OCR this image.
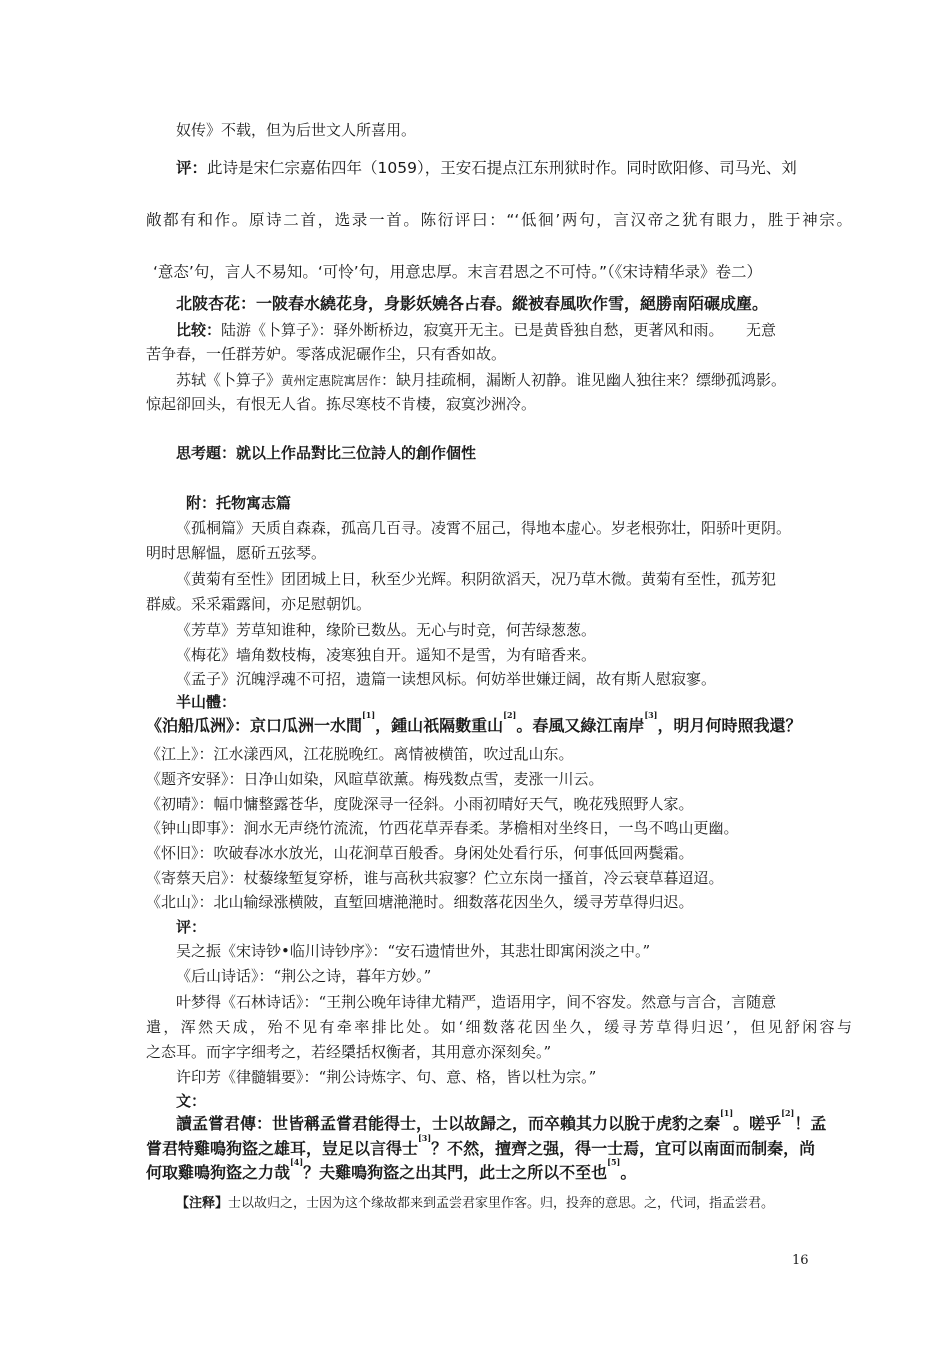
奴传》不载，但为后世文人所喜用。
评：此诗是宋仁宗嘉佑四年（1059），王安石提点江东刑狱时作。同时欧阳修、司马光、刘
敞都有和作。原诗二首，选录一首。陈衍评曰：“‘低徊’两句，言汉帝之犹有眼力，胜于神宗。
‘意态’句，言人不易知。‘可怜’句，用意忠厚。末言君恩之不可恃。”（《宋诗精华录》卷二）
北陂杏花：一陂春水繞花身，身影妖嬈各占春。縱被春風吹作雪，絕勝南陌碾成塵。
比较：陆游《卜算子》：驿外断桥边，寂寞开无主。已是黄昏独自愁，更著风和雨。　　无意
苦争春，一任群芳妒。零落成泥碾作尘，只有香如故。
苏轼《卜算子》黄州定惠院寓居作：缺月挂疏桐，漏断人初静。谁见幽人独往来？缥缈孤鸿影。
惊起卻回头，有恨无人省。拣尽寒枝不肯棲，寂寞沙洲冷。
思考題：就以上作品對比三位詩人的創作個性
附：托物寓志篇
《孤桐篇》天质自森森，孤高几百寻。凌霄不屈己，得地本虚心。岁老根弥壮，阳骄叶更阴。
明时思解愠，愿斫五弦琴。
《黄菊有至性》团团城上日，秋至少光辉。积阴欲滔天，况乃草木微。黄菊有至性，孤芳犯
群威。采采霜露间，亦足慰朝饥。
《芳草》芳草知谁种，缘阶已数丛。无心与时竞，何苦绿葱葱。
《梅花》墙角数枝梅，凌寒独自开。遥知不是雪，为有暗香来。
《孟子》沉魄浮魂不可招，遗篇一读想风标。何妨举世嫌迂阔，故有斯人慰寂寥。
半山體：
《泊船瓜洲》：京口瓜洲一水間[1]，鍾山祇隔數重山[2]。春風又綠江南岸[3]，明月何時照我還？
《江上》：江水漾西风，江花脱晚红。离情被横笛，吹过乱山东。
《题齐安驿》：日净山如染，风暄草欲薰。梅残数点雪，麦涨一川云。
《初晴》：幅巾慵整露苍华，度陇深寻一径斜。小雨初晴好天气，晚花残照野人家。
《钟山即事》：涧水无声绕竹流流，竹西花草弄春柔。茅檐相对坐终日，一鸟不鸣山更幽。
《怀旧》：吹破春冰水放光，山花涧草百般香。身闲处处看行乐，何事低回两鬓霜。
《寄蔡天启》：杖藜缘堑复穿桥，谁与高秋共寂寥？伫立东岗一搔首，冷云衰草暮迢迢。
《北山》：北山输绿涨横陂，直堑回塘滟滟时。细数落花因坐久，缓寻芳草得归迟。
评：
吴之振《宋诗钞•临川诗钞序》：“安石遗情世外，其悲壮即寓闲淡之中。”
《后山诗话》：“荆公之诗，暮年方妙。”
叶梦得《石林诗话》：“王荆公晚年诗律尤精严，造语用字，间不容发。然意与言合，言随意
遣，浑然天成，殆不见有牵率排比处。如‘细数落花因坐久，缓寻芳草得归迟’，但见舒闲容与
之态耳。而字字细考之，若经檃括权衡者，其用意亦深刻矣。”
许印芳《律髓辑要》：“荆公诗炼字、句、意、格，皆以杜为宗。”
文：
讀孟嘗君傳：世皆稱孟嘗君能得士，士以故歸之，而卒賴其力以脫于虎豹之秦[1]。嗟乎[2]！孟
嘗君特雞鳴狗盜之雄耳，豈足以言得士[3]？不然，擅齊之强，得一士焉，宜可以南面而制秦，尚
何取雞鳴狗盜之力哉[4]？夫雞鳴狗盜之出其門，此士之所以不至也[5]。
【注释】士以故归之，士因为这个缘故都来到孟尝君家里作客。归，投奔的意思。之，代词，指孟尝君。
16
